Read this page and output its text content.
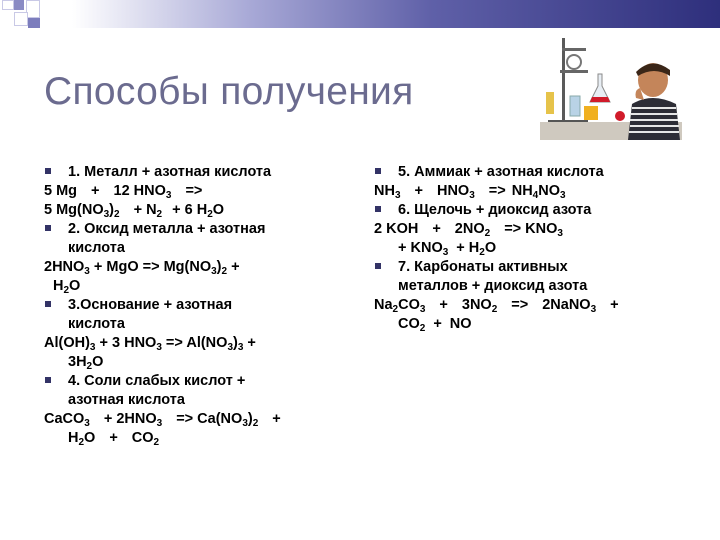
Способы получения
1. Металл + азотная кислота
5 Mg + 12 $HNO_3$ =>
5 $Mg(NO_3)_2 + N_2 + 6$ $H_2O$
2. Оксид металла + азотная
кислота
$2HNO_3$ + MgO => $Mg(NO_3)_2$ +
$H_2O$
3.Основание + азотная
кислота
$Al(OH)_3 + 3$ $HNO_3 => Al(NO_3)_3$ +
$3H_2O$
4. Соли слабых кислот +
азотная кислота
CaCO$_3$ + $2HNO_3 => Ca(NO_3)_2$ +
$H_2O + CO_2$
5. Аммиак + азотная кислота
$NH_3 + HNO_3 => NH_4NO_3$
6. Щелочь + диоксид азота
2 KOH + $2NO_2 => KNO_3$
+ $KNO_3 + H_2O$
7. Карбонаты активных
металлов + диоксид азота
$Na_2CO_3 + 3NO_2$ => 2NaNO$_3$ +
$CO_2$ + NO
